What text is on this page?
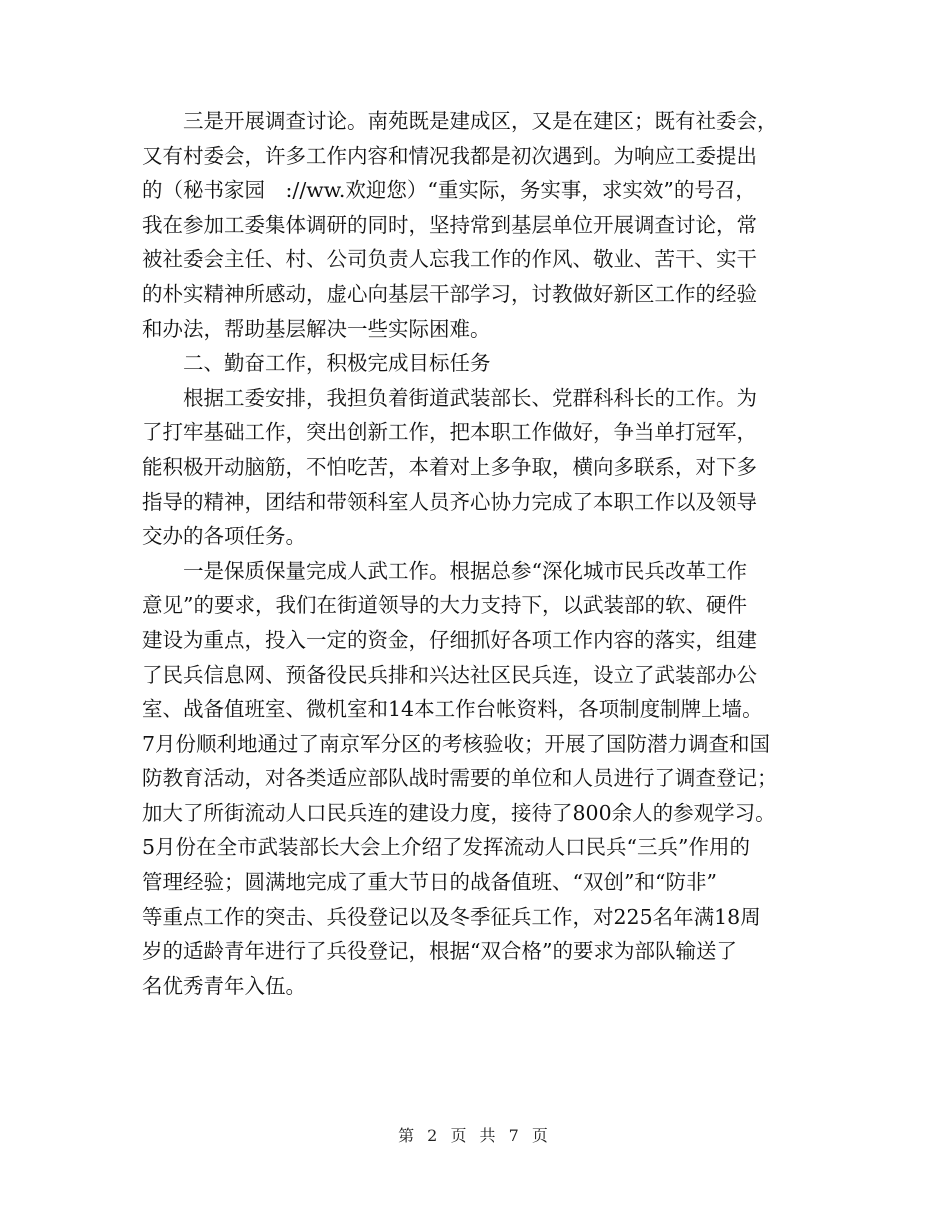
　　三是开展调查讨论。南苑既是建成区，又是在建区；既有社委会，
又有村委会，许多工作内容和情况我都是初次遇到。为响应工委提出
的（秘书家园　://ww.欢迎您）“重实际，务实事，求实效”的号召，
我在参加工委集体调研的同时，坚持常到基层单位开展调查讨论，常
被社委会主任、村、公司负责人忘我工作的作风、敬业、苦干、实干
的朴实精神所感动，虚心向基层干部学习，讨教做好新区工作的经验
和办法，帮助基层解决一些实际困难。
　　二、勤奋工作，积极完成目标任务
　　根据工委安排，我担负着街道武装部长、党群科科长的工作。为
了打牢基础工作，突出创新工作，把本职工作做好，争当单打冠军，
能积极开动脑筋，不怕吃苦，本着对上多争取，横向多联系，对下多
指导的精神，团结和带领科室人员齐心协力完成了本职工作以及领导
交办的各项任务。
　　一是保质保量完成人武工作。根据总参“深化城市民兵改革工作
意见”的要求，我们在街道领导的大力支持下，以武装部的软、硬件
建设为重点，投入一定的资金，仔细抓好各项工作内容的落实，组建
了民兵信息网、预备役民兵排和兴达社区民兵连，设立了武装部办公
室、战备值班室、微机室和14本工作台帐资料，各项制度制牌上墙。
7月份顺利地通过了南京军分区的考核验收；开展了国防潜力调查和国
防教育活动，对各类适应部队战时需要的单位和人员进行了调查登记；
加大了所街流动人口民兵连的建设力度，接待了800余人的参观学习。
5月份在全市武装部长大会上介绍了发挥流动人口民兵“三兵”作用的
管理经验；圆满地完成了重大节日的战备值班、“双创”和“防非”
等重点工作的突击、兵役登记以及冬季征兵工作，对225名年满18周
岁的适龄青年进行了兵役登记，根据“双合格”的要求为部队输送了
名优秀青年入伍。
第 2 页 共 7 页
